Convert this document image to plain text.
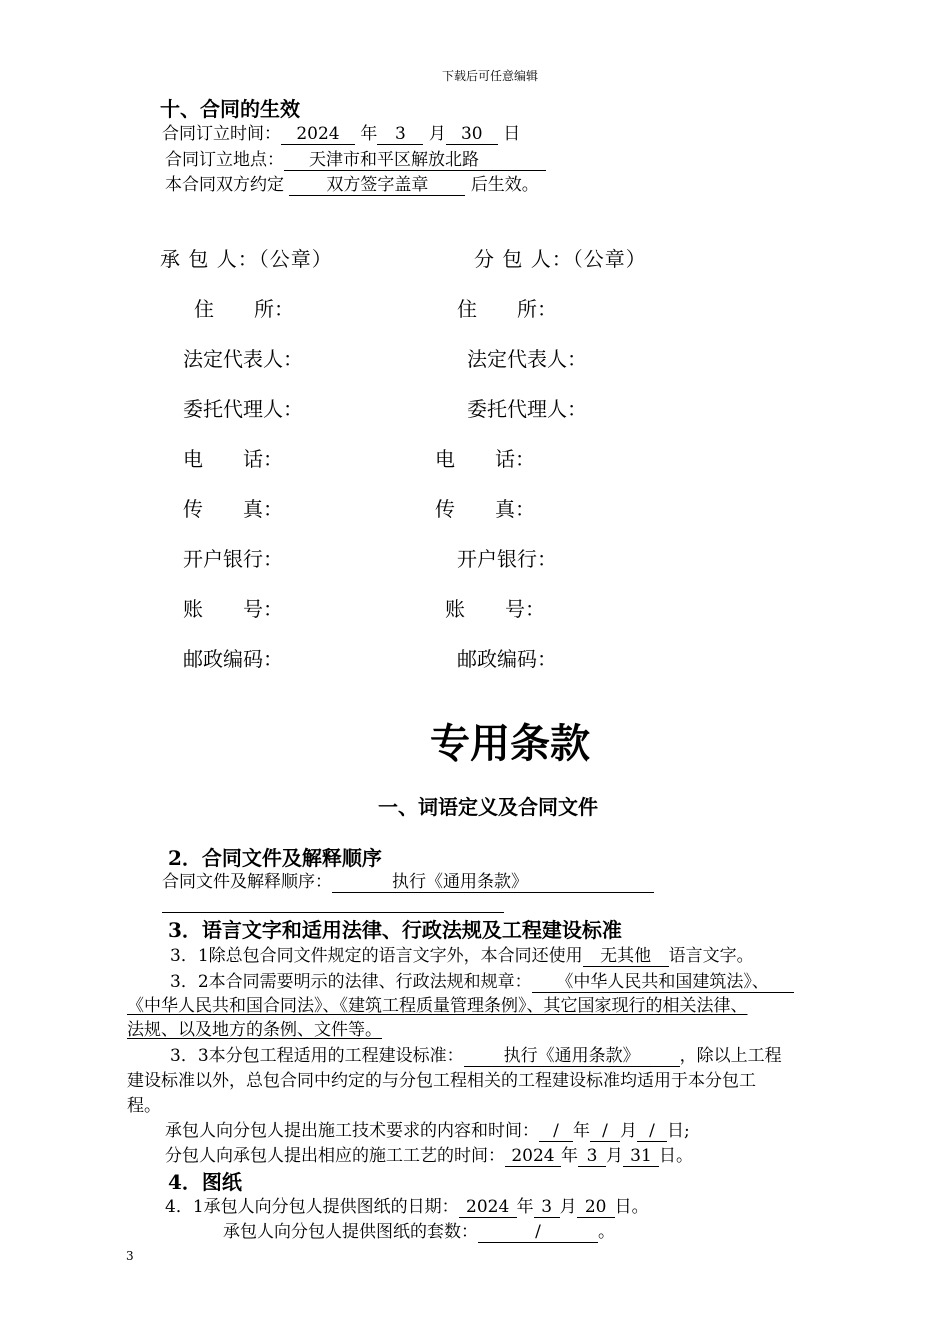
下载后可任意编辑
十、合同的生效
合同订立时间： 2024 年 3 月 30 日
合同订立地点： 天津市和平区解放北路
本合同双方约定 双方签字盖章 后生效。
承 包 人：（公章）	分 包 人：（公章）
住　　所：	住　　所：
法定代表人：	法定代表人：
委托代理人：	委托代理人：
电　　话：	电　　话：
传　　真：	传　　真：
开户银行：	开户银行：
账　　号：	账　　号：
邮政编码：	邮政编码：
专用条款
一、词语定义及合同文件
2．合同文件及解释顺序
合同文件及解释顺序：	执行《通用条款》
3．语言文字和适用法律、行政法规及工程建设标准
3．1除总包合同文件规定的语言文字外，本合同还使用 无其他 语言文字。
3．2本合同需要明示的法律、行政法规和规章： 《中华人民共和国建筑法》、
《中华人民共和国合同法》、《建筑工程质量管理条例》、其它国家现行的相关法律、
法规、以及地方的条例、文件等。
3．3本分包工程适用的工程建设标准： 执行《通用条款》 ，除以上工程
建设标准以外，总包合同中约定的与分包工程相关的工程建设标准均适用于本分包工
程。
承包人向分包人提出施工技术要求的内容和时间： / 年 / 月 / 日;
分包人向承包人提出相应的施工工艺的时间： 2024 年 3 月 31 日。
4．图纸
4．1承包人向分包人提供图纸的日期： 2024 年 3 月 20 日。
承包人向分包人提供图纸的套数：	/	。
3
